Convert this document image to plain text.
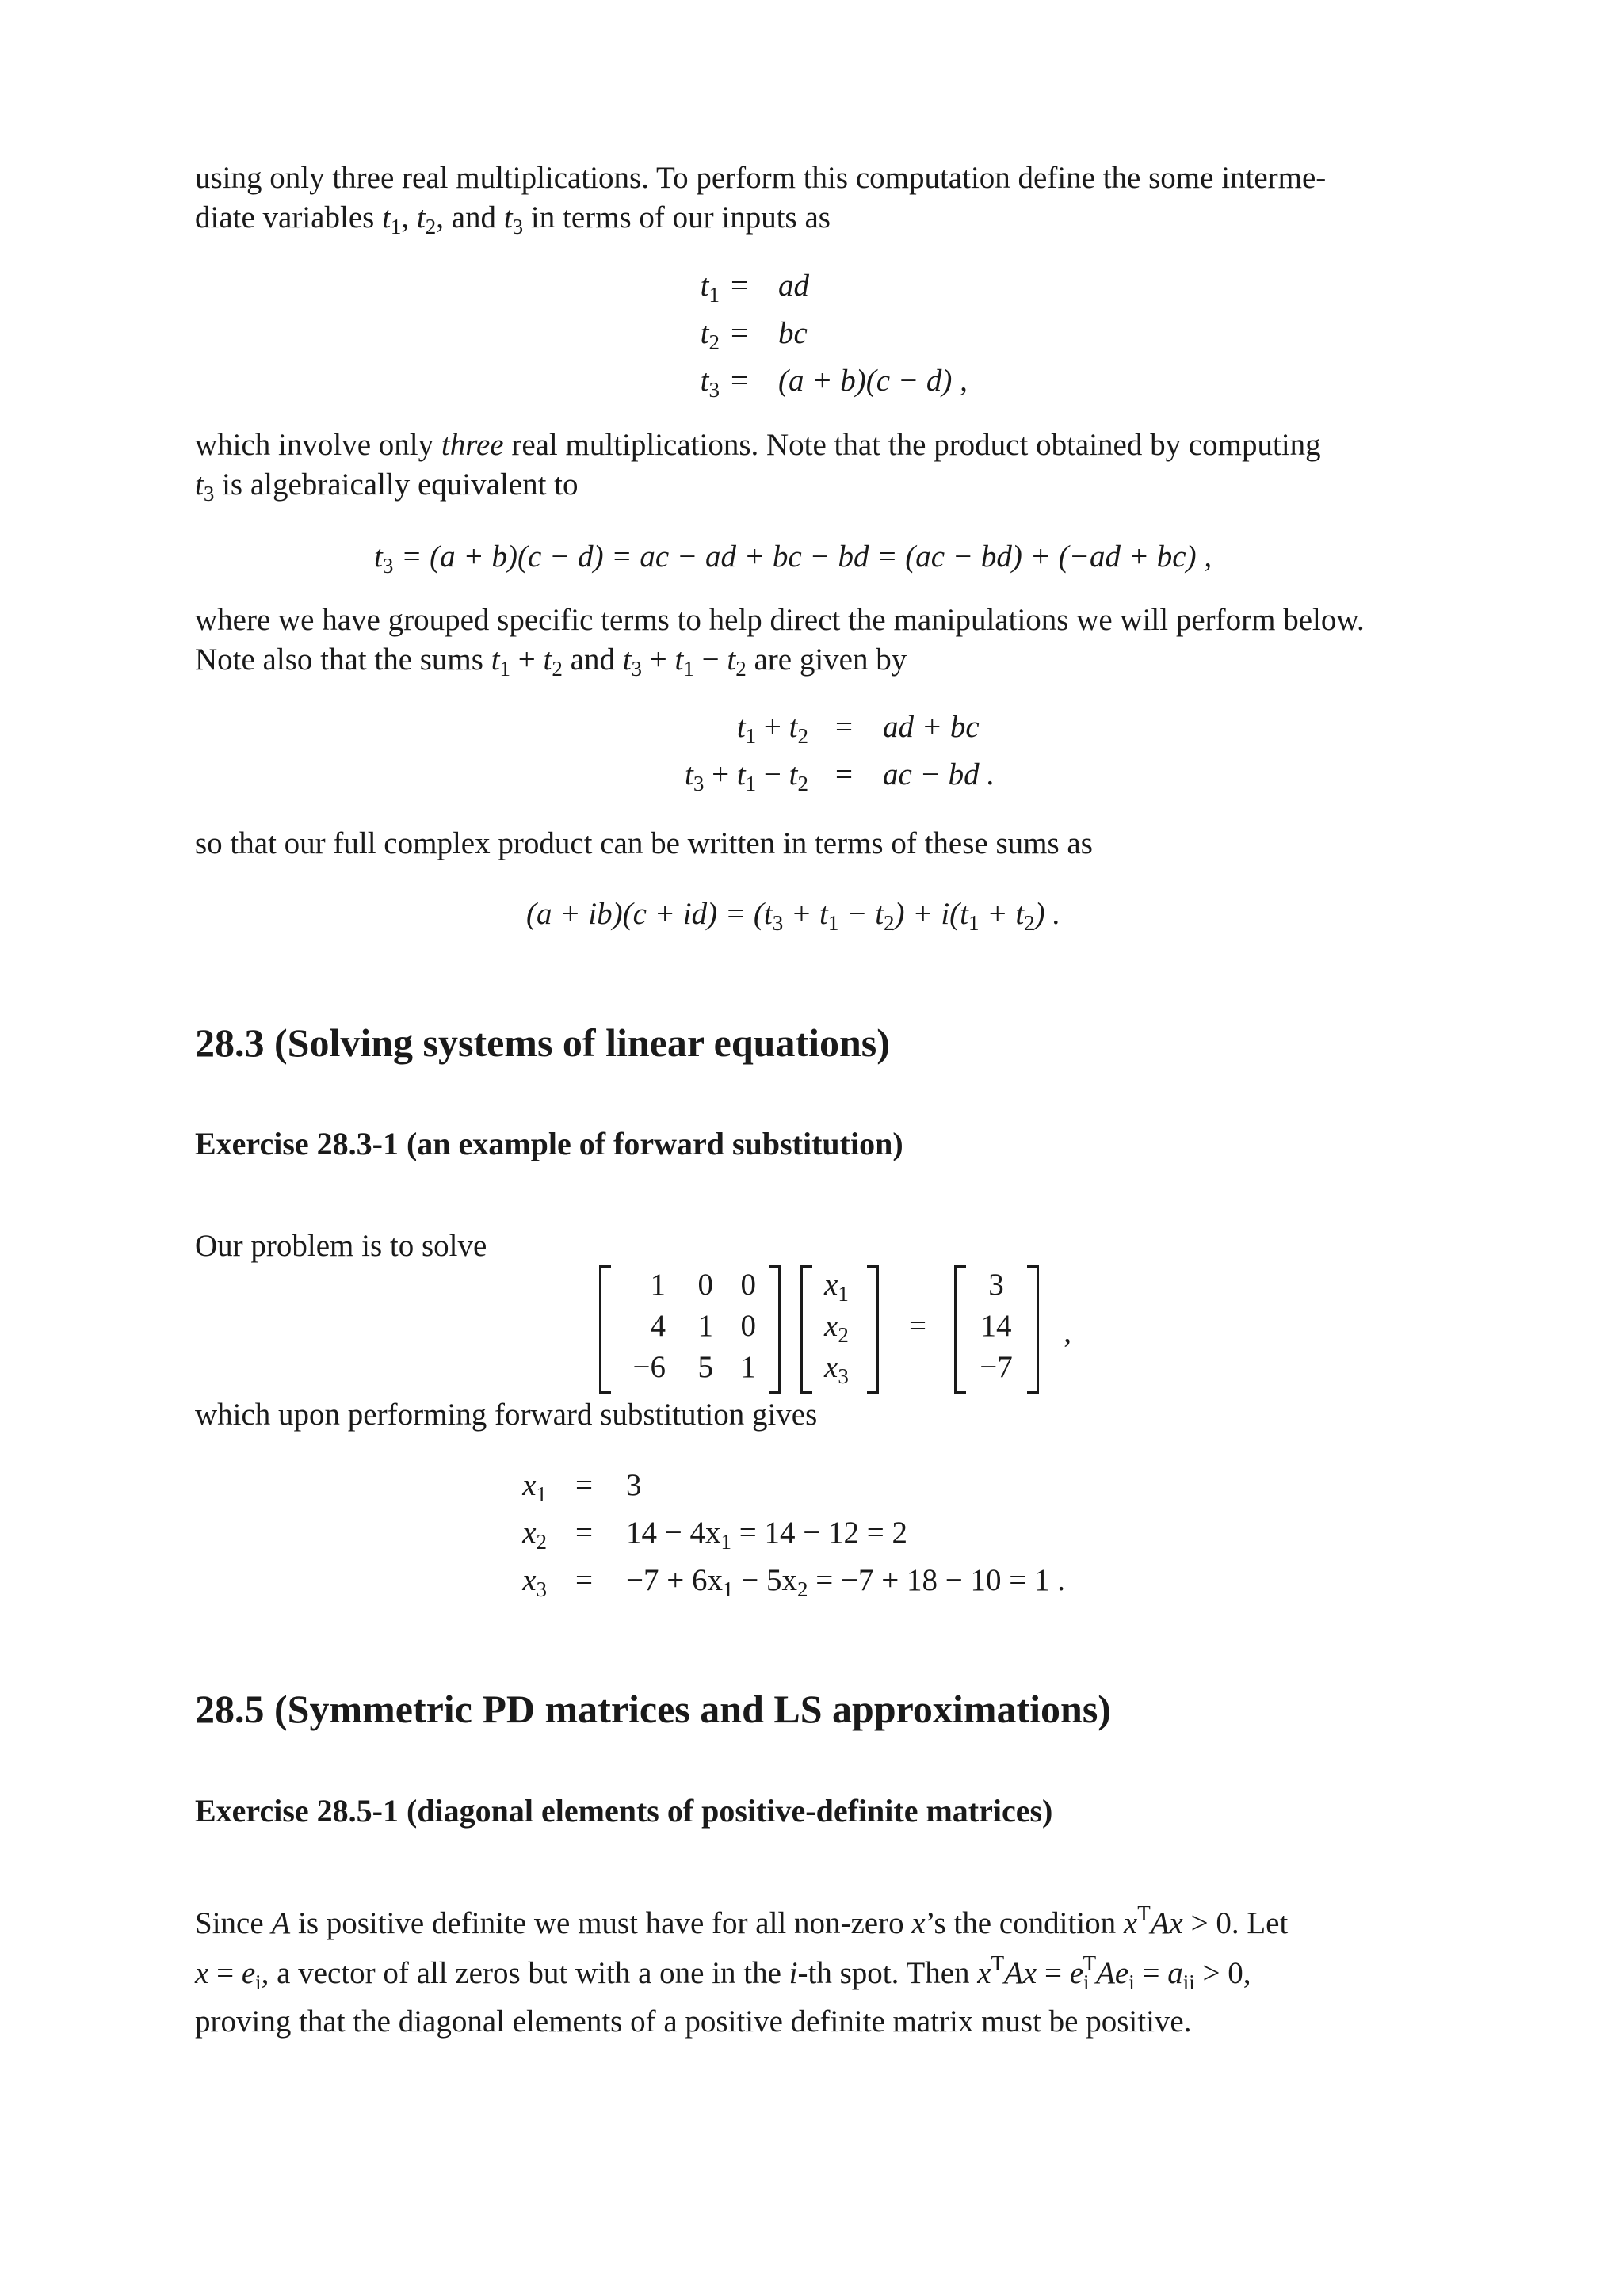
using only three real multiplications. To perform this computation define the some interme-
diate variables $t_1$, $t_2$, and $t_3$ in terms of our inputs as
$t_1$ = ad
$t_2$ = bc
$t_3 = (a + b)(c - d)$ ,
which involve only three real multiplications. Note that the product obtained by computing
$t_3$ is algebraically equivalent to
$t_3 = (a + b)(c - d)$ = ac − ad + bc − bd = (ac − bd) + (−ad + bc) ,
where we have grouped specific terms to help direct the manipulations we will perform below.
Note also that the sums $t_1 + t_2$ and $t_3 + t_1 - t_2$ are given by
$t_1 + t_2$ = ad + bc
$t_3 + t_1 - t_2$ = ac − bd .
so that our full complex product can be written in terms of these sums as
$(a + ib)(c + id) = (t_3 + t_1 - t_2) + i(t_1 + t_2)$ .
28.3 (Solving systems of linear equations)
Exercise 28.3-1 (an example of forward substitution)
Our problem is to solve
1	0 0
4	1 0
−6	5 1
$x_1$
$x_2$
$x_3$
=
3
14
−7
,
which upon performing forward substitution gives
$x_1 = 3$
$x_2 = 14 - 4x_1 = 14 - 12 = 2$
$x_3 = -7 + 6x_1 - 5x_2 = -7 + 18 - 10 = 1$ .
28.5 (Symmetric PD matrices and LS approximations)
Exercise 28.5-1 (diagonal elements of positive-definite matrices)
Since A is positive definite we must have for all non-zero x’s the condition $x^TAx > 0$. Let
$x = e_i$, a vector of all zeros but with a one in the i-th spot. Then $x^TAx = e_i^TAe_i = a_{ii} > 0$,
proving that the diagonal elements of a positive definite matrix must be positive.
